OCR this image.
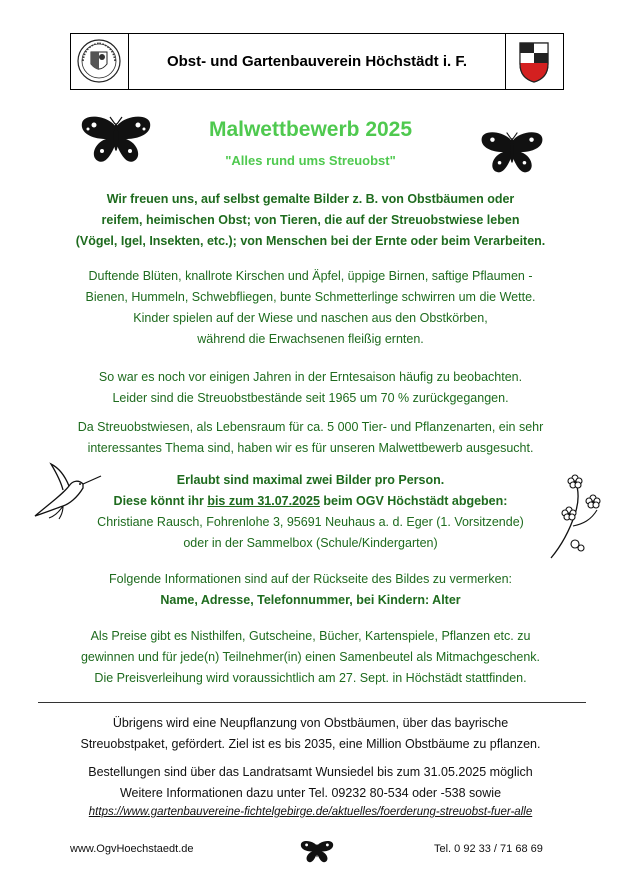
Obst- und Gartenbauverein Höchstädt i. F.
Malwettbewerb 2025
"Alles rund ums Streuobst"
Wir freuen uns, auf selbst gemalte Bilder z. B. von Obstbäumen oder
reifem, heimischen Obst; von Tieren, die auf der Streuobstwiese leben
(Vögel, Igel, Insekten, etc.); von Menschen bei der Ernte oder beim Verarbeiten.
Duftende Blüten, knallrote Kirschen und Äpfel, üppige Birnen, saftige Pflaumen -
Bienen, Hummeln, Schwebfliegen, bunte Schmetterlinge schwirren um die Wette.
Kinder spielen auf der Wiese und naschen aus den Obstkörben,
während die Erwachsenen fleißig ernten.
So war es noch vor einigen Jahren in der Erntesaison häufig zu beobachten.
Leider sind die Streuobstbestände seit 1965 um 70 % zurückgegangen.
Da Streuobstwiesen, als Lebensraum für ca. 5 000 Tier- und Pflanzenarten, ein sehr
interessantes Thema sind, haben wir es für unseren Malwettbewerb ausgesucht.
Erlaubt sind maximal zwei Bilder pro Person.
Diese könnt ihr bis zum 31.07.2025 beim OGV Höchstädt abgeben:
Christiane Rausch, Fohrenlohe 3, 95691 Neuhaus a. d. Eger (1. Vorsitzende)
oder in der Sammelbox (Schule/Kindergarten)
Folgende Informationen sind auf der Rückseite des Bildes zu vermerken:
Name, Adresse, Telefonnummer, bei Kindern: Alter
Als Preise gibt es Nisthilfen, Gutscheine, Bücher, Kartenspiele, Pflanzen etc. zu
gewinnen und für jede(n) Teilnehmer(in) einen Samenbeutel als Mitmachgeschenk.
Die Preisverleihung wird voraussichtlich am 27. Sept. in Höchstädt stattfinden.
Übrigens wird eine Neupflanzung von Obstbäumen, über das bayrische
Streuobstpaket, gefördert. Ziel ist es bis 2035, eine Million Obstbäume zu pflanzen.
Bestellungen sind über das Landratsamt Wunsiedel bis zum 31.05.2025 möglich
Weitere Informationen dazu unter Tel. 09232 80-534 oder -538 sowie
https://www.gartenbauvereine-fichtelgebirge.de/aktuelles/foerderung-streuobst-fuer-alle
www.OgvHoechstaedt.de	Tel. 0 92 33 / 71 68 69
